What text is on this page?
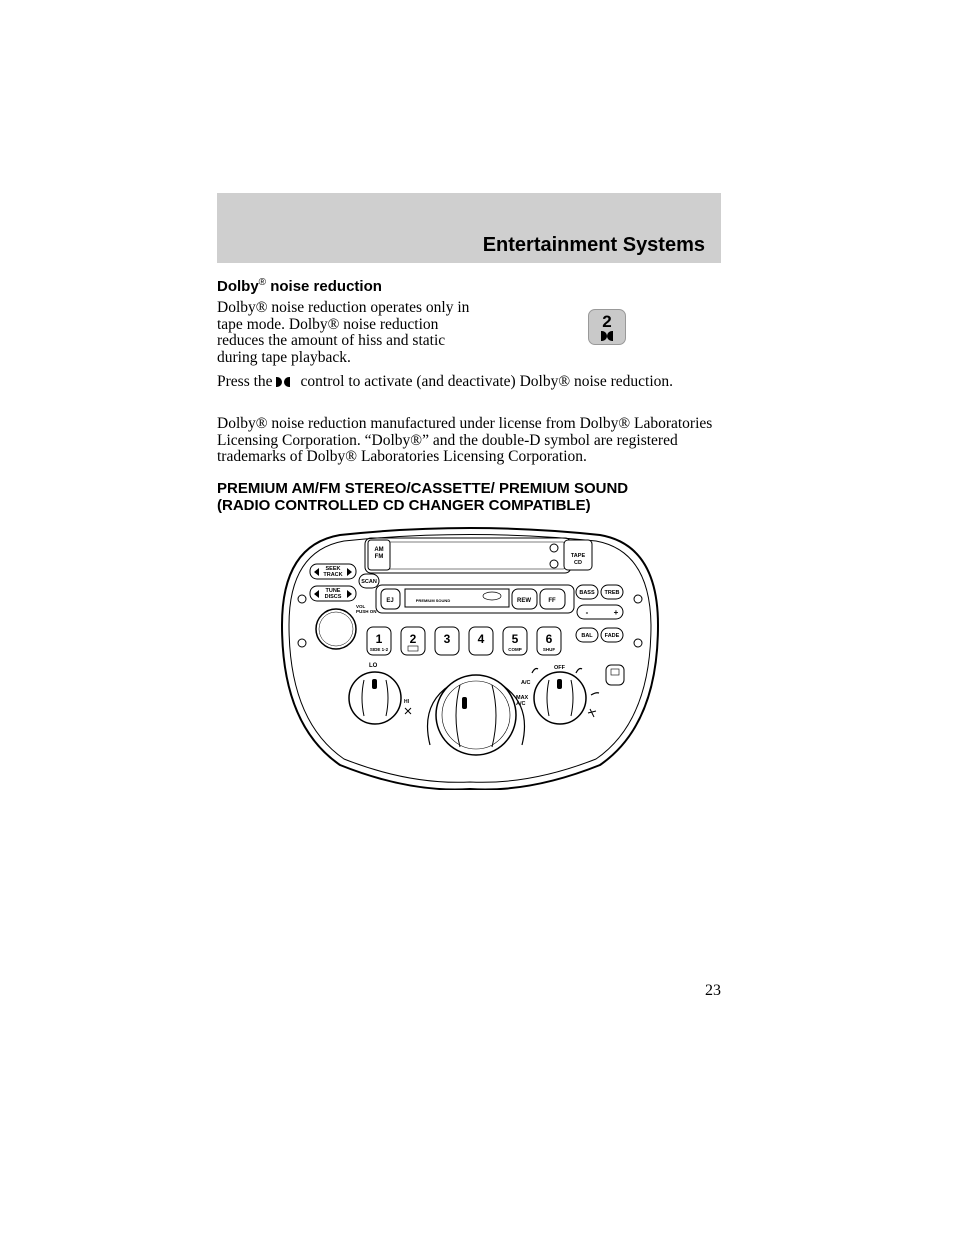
Entertainment Systems
Dolby® noise reduction
Dolby® noise reduction operates only in tape mode. Dolby® noise reduction reduces the amount of hiss and static during tape playback.
2
Press the control to activate (and deactivate) Dolby® noise reduction.
Dolby® noise reduction manufactured under license from Dolby® Laboratories Licensing Corporation. “Dolby®” and the double-D symbol are registered trademarks of Dolby® Laboratories Licensing Corporation.
PREMIUM AM/FM STEREO/CASSETTE/ PREMIUM SOUND
(RADIO CONTROLLED CD CHANGER COMPATIBLE)
AM
FM	TAPE
CD
SEEK
TRACK
SCAN
TUNE
DISCS
EJ	PREMIUM SOUND	REW	FF
BASS TREB
-	+
VOL
PUSH ON
1
SIDE 1-2
2 3 4 5
COMP
6
SHUF
BAL FADE
LO
HI
OFF
A/C
MAX
A/C
23
